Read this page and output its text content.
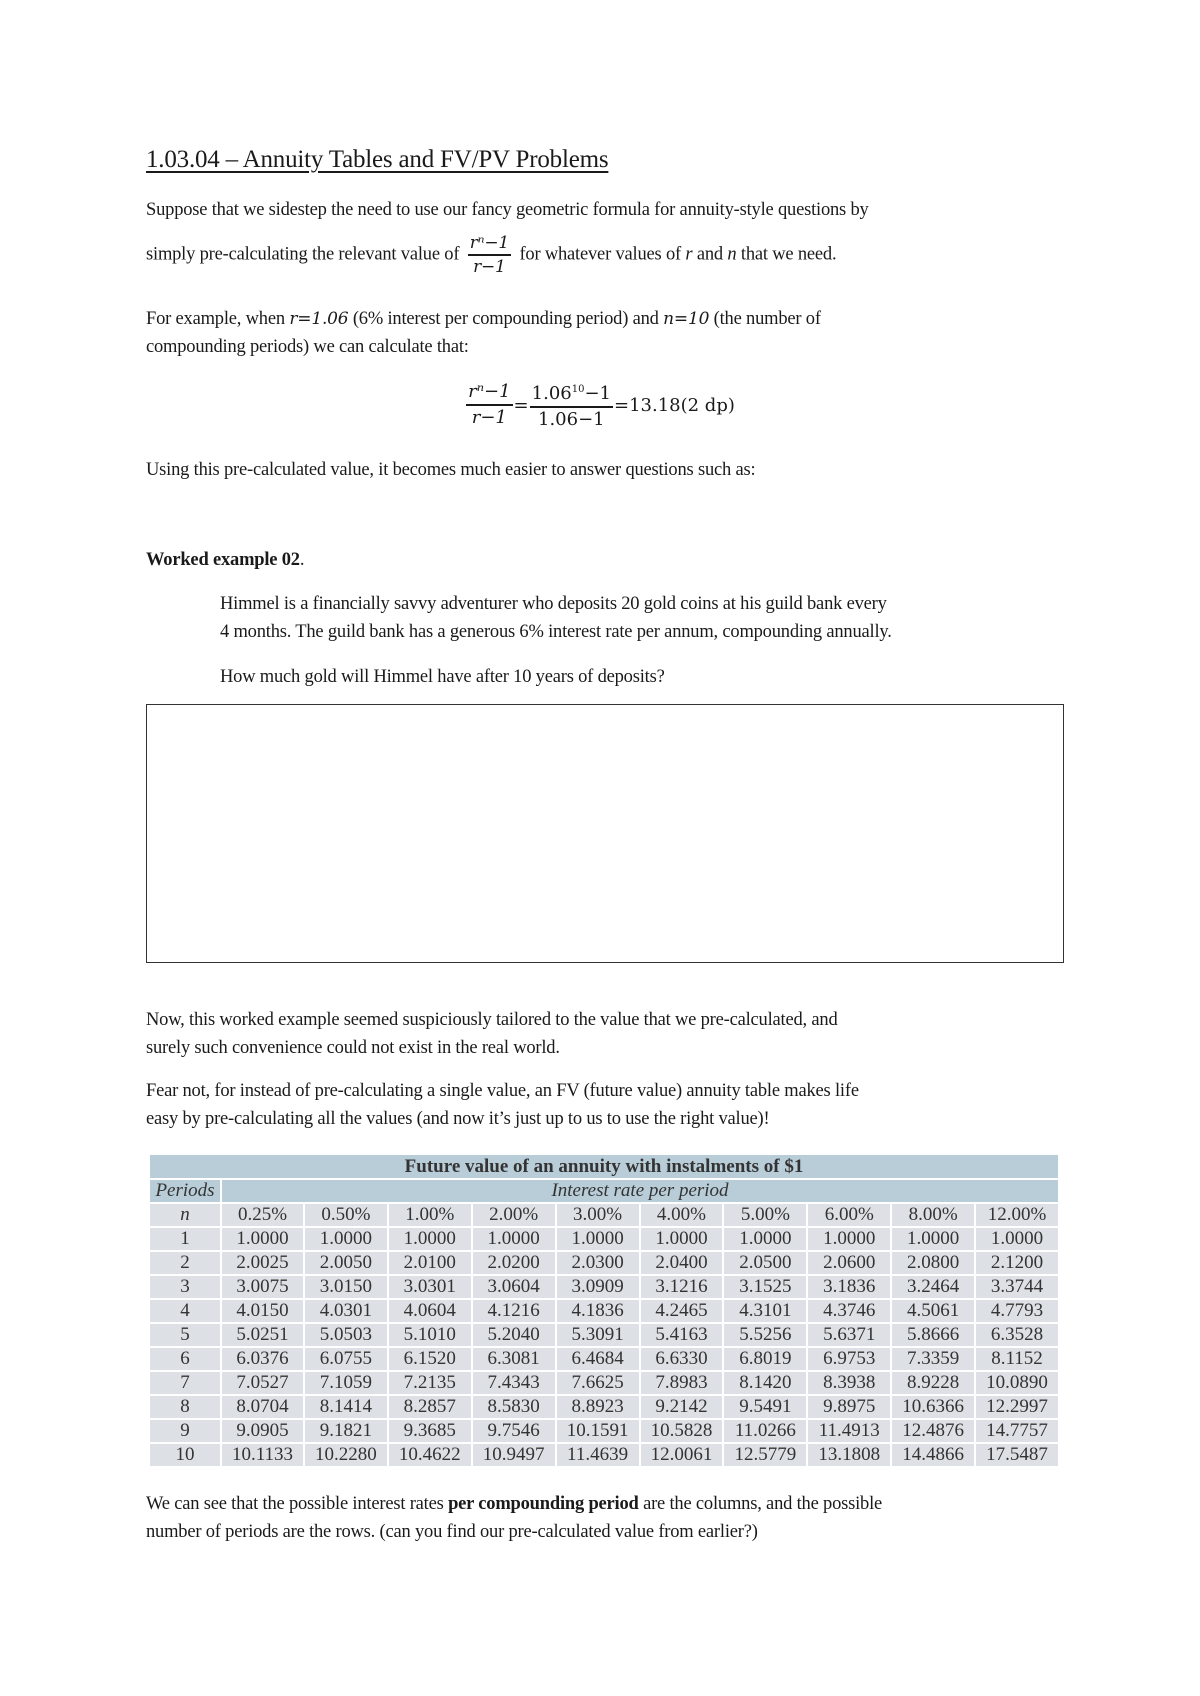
1.03.04 – Annuity Tables and FV/PV Problems
Suppose that we sidestep the need to use our fancy geometric formula for annuity-style questions by
simply pre-calculating the relevant value of $\frac{\text{rⁿ−1}}{r-1}$ for whatever values of r and n that we need.
For example, when r=1.06 (6% interest per compounding period) and n=10 (the number of
compounding periods) we can calculate that:
$\frac{\text{rⁿ−1}}{r-1} = \frac{1.06^{10}-1}{1.06-1} =13.18(2$ dp)
Using this pre-calculated value, it becomes much easier to answer questions such as:
Worked example 02.
Himmel is a financially savvy adventurer who deposits 20 gold coins at his guild bank every
4 months. The guild bank has a generous 6% interest rate per annum, compounding annually.
How much gold will Himmel have after 10 years of deposits?
Now, this worked example seemed suspiciously tailored to the value that we pre-calculated, and
surely such convenience could not exist in the real world.
Fear not, for instead of pre-calculating a single value, an FV (future value) annuity table makes life
easy by pre-calculating all the values (and now it’s just up to us to use the right value)!
Future value of an annuity with instalments of $1										
Periods	Interest rate per period									
n	0.25%	0.50%	1.00%	2.00%	3.00%	4.00%	5.00%	6.00%	8.00%	12.00%
1	1.0000	1.0000	1.0000	1.0000	1.0000	1.0000	1.0000	1.0000	1.0000	1.0000
2	2.0025	2.0050	2.0100	2.0200	2.0300	2.0400	2.0500	2.0600	2.0800	2.1200
3	3.0075	3.0150	3.0301	3.0604	3.0909	3.1216	3.1525	3.1836	3.2464	3.3744
4	4.0150	4.0301	4.0604	4.1216	4.1836	4.2465	4.3101	4.3746	4.5061	4.7793
5	5.0251	5.0503	5.1010	5.2040	5.3091	5.4163	5.5256	5.6371	5.8666	6.3528
6	6.0376	6.0755	6.1520	6.3081	6.4684	6.6330	6.8019	6.9753	7.3359	8.1152
7	7.0527	7.1059	7.2135	7.4343	7.6625	7.8983	8.1420	8.3938	8.9228	10.0890
8	8.0704	8.1414	8.2857	8.5830	8.8923	9.2142	9.5491	9.8975	10.6366	12.2997
9	9.0905	9.1821	9.3685	9.7546	10.1591	10.5828	11.0266	11.4913	12.4876	14.7757
10	10.1133	10.2280	10.4622	10.9497	11.4639	12.0061	12.5779	13.1808	14.4866	17.5487
We can see that the possible interest rates per compounding period are the columns, and the possible
number of periods are the rows. (can you find our pre-calculated value from earlier?)
